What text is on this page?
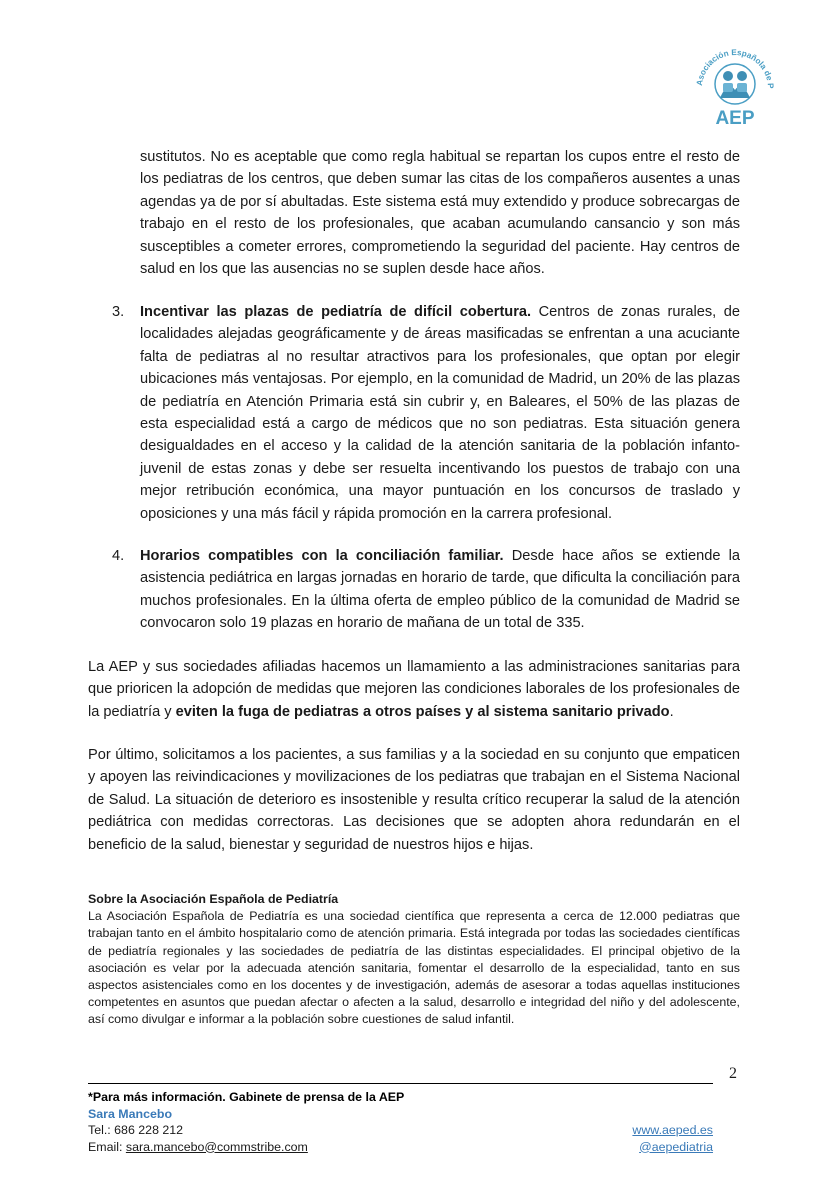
Asociación Española de P
AEP
sustitutos. No es aceptable que como regla habitual se repartan los cupos entre el resto de los pediatras de los centros, que deben sumar las citas de los compañeros ausentes a unas agendas ya de por sí abultadas. Este sistema está muy extendido y produce sobrecargas de trabajo en el resto de los profesionales, que acaban acumulando cansancio y son más susceptibles a cometer errores, comprometiendo la seguridad del paciente. Hay centros de salud en los que las ausencias no se suplen desde hace años.
3. Incentivar las plazas de pediatría de difícil cobertura. Centros de zonas rurales, de localidades alejadas geográficamente y de áreas masificadas se enfrentan a una acuciante falta de pediatras al no resultar atractivos para los profesionales, que optan por elegir ubicaciones más ventajosas. Por ejemplo, en la comunidad de Madrid, un 20% de las plazas de pediatría en Atención Primaria está sin cubrir y, en Baleares, el 50% de las plazas de esta especialidad está a cargo de médicos que no son pediatras. Esta situación genera desigualdades en el acceso y la calidad de la atención sanitaria de la población infanto-juvenil de estas zonas y debe ser resuelta incentivando los puestos de trabajo con una mejor retribución económica, una mayor puntuación en los concursos de traslado y oposiciones y una más fácil y rápida promoción en la carrera profesional.
4. Horarios compatibles con la conciliación familiar. Desde hace años se extiende la asistencia pediátrica en largas jornadas en horario de tarde, que dificulta la conciliación para muchos profesionales. En la última oferta de empleo público de la comunidad de Madrid se convocaron solo 19 plazas en horario de mañana de un total de 335.
La AEP y sus sociedades afiliadas hacemos un llamamiento a las administraciones sanitarias para que prioricen la adopción de medidas que mejoren las condiciones laborales de los profesionales de la pediatría y eviten la fuga de pediatras a otros países y al sistema sanitario privado.
Por último, solicitamos a los pacientes, a sus familias y a la sociedad en su conjunto que empaticen y apoyen las reivindicaciones y movilizaciones de los pediatras que trabajan en el Sistema Nacional de Salud. La situación de deterioro es insostenible y resulta crítico recuperar la salud de la atención pediátrica con medidas correctoras. Las decisiones que se adopten ahora redundarán en el beneficio de la salud, bienestar y seguridad de nuestros hijos e hijas.
Sobre la Asociación Española de Pediatría
La Asociación Española de Pediatría es una sociedad científica que representa a cerca de 12.000 pediatras que trabajan tanto en el ámbito hospitalario como de atención primaria. Está integrada por todas las sociedades científicas de pediatría regionales y las sociedades de pediatría de las distintas especialidades. El principal objetivo de la asociación es velar por la adecuada atención sanitaria, fomentar el desarrollo de la especialidad, tanto en sus aspectos asistenciales como en los docentes y de investigación, además de asesorar a todas aquellas instituciones competentes en asuntos que puedan afectar o afecten a la salud, desarrollo e integridad del niño y del adolescente, así como divulgar e informar a la población sobre cuestiones de salud infantil.
2
*Para más información. Gabinete de prensa de la AEP
Sara Mancebo
Tel.: 686 228 212
Email: sara.mancebo@commstribe.com
www.aeped.es
@aepediatria
